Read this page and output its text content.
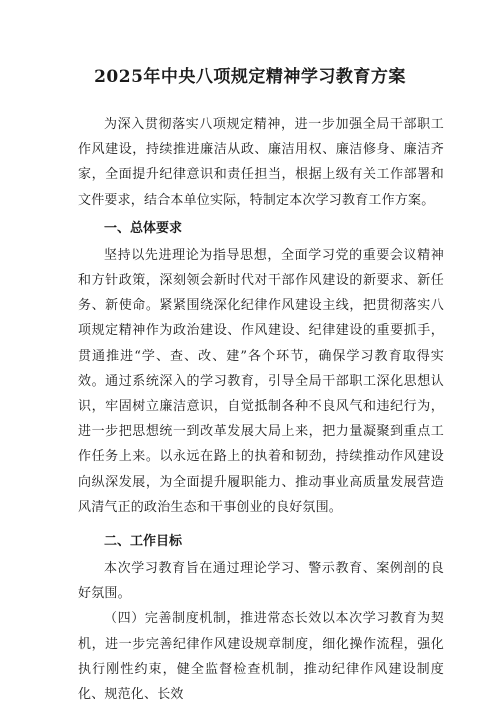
2025年中央八项规定精神学习教育方案

为深入贯彻落实八项规定精神，进一步加强全局干部职工作风建设，持续推进廉洁从政、廉洁用权、廉洁修身、廉洁齐家，全面提升纪律意识和责任担当，根据上级有关工作部署和文件要求，结合本单位实际，特制定本次学习教育工作方案。

一、总体要求

坚持以先进理论为指导思想，全面学习党的重要会议精神和方针政策，深刻领会新时代对干部作风建设的新要求、新任务、新使命。紧紧围绕深化纪律作风建设主线，把贯彻落实八项规定精神作为政治建设、作风建设、纪律建设的重要抓手，贯通推进“学、查、改、建”各个环节，确保学习教育取得实效。通过系统深入的学习教育，引导全局干部职工深化思想认识，牢固树立廉洁意识，自觉抵制各种不良风气和违纪行为，进一步把思想统一到改革发展大局上来，把力量凝聚到重点工作任务上来。以永远在路上的执着和韧劲，持续推动作风建设向纵深发展，为全面提升履职能力、推动事业高质量发展营造风清气正的政治生态和干事创业的良好氛围。

二、工作目标

本次学习教育旨在通过理论学习、警示教育、案例剖的良好氛围。

（四）完善制度机制，推进常态长效以本次学习教育为契机，进一步完善纪律作风建设规章制度，细化操作流程，强化执行刚性约束，健全监督检查机制，推动纪律作风建设制度化、规范化、长效
